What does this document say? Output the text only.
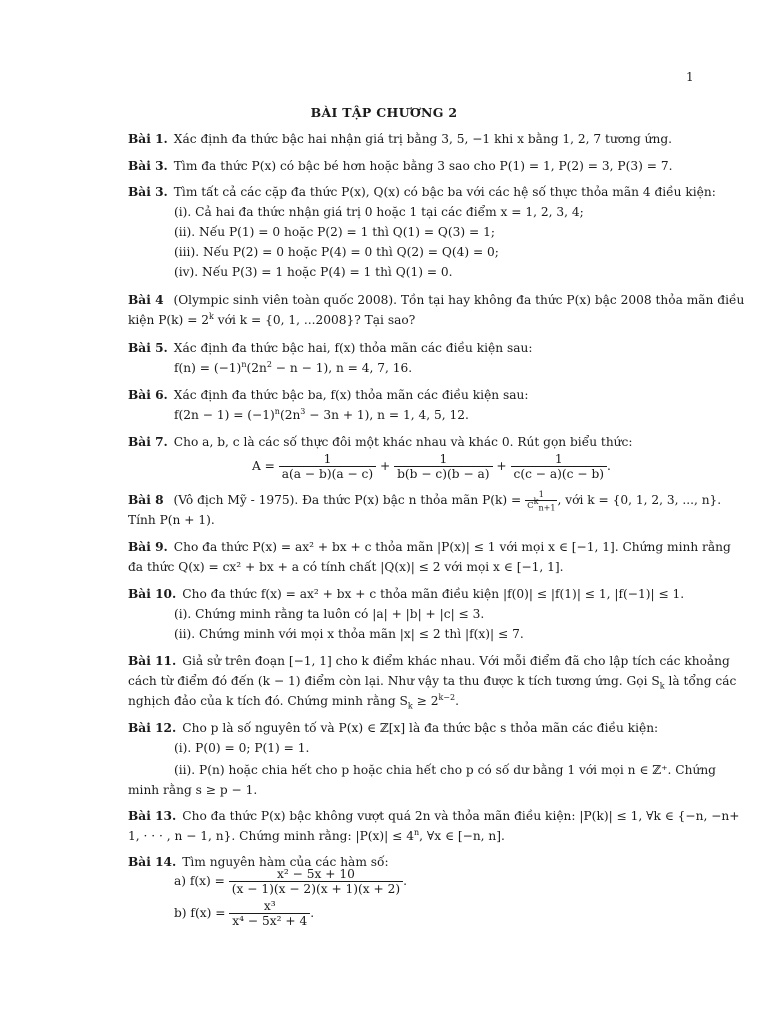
1
BÀI TẬP CHƯƠNG 2
Bài 1. Xác định đa thức bậc hai nhận giá trị bằng 3, 5, −1 khi x bằng 1, 2, 7 tương ứng.
Bài 3. Tìm đa thức P(x) có bậc bé hơn hoặc bằng 3 sao cho P(1) = 1, P(2) = 3, P(3) = 7.
Bài 3. Tìm tất cả các cặp đa thức P(x), Q(x) có bậc ba với các hệ số thực thỏa mãn 4 điều kiện:
(i). Cả hai đa thức nhận giá trị 0 hoặc 1 tại các điểm x = 1, 2, 3, 4;
(ii). Nếu P(1) = 0 hoặc P(2) = 1 thì Q(1) = Q(3) = 1;
(iii). Nếu P(2) = 0 hoặc P(4) = 0 thì Q(2) = Q(4) = 0;
(iv). Nếu P(3) = 1 hoặc P(4) = 1 thì Q(1) = 0.
Bài 4 (Olympic sinh viên toàn quốc 2008). Tồn tại hay không đa thức P(x) bậc 2008 thỏa mãn điều
kiện $P(k) = 2^k$ với k = {0, 1, ...2008}? Tại sao?
Bài 5. Xác định đa thức bậc hai, f(x) thỏa mãn các điều kiện sau:
$f(n) = (-1)^n(2n^2 - n - 1)$, n = 4, 7, 16.
Bài 6. Xác định đa thức bậc ba, f(x) thỏa mãn các điều kiện sau:
$f(2n - 1) = (-1)^n(2n^3 - 3n + 1)$, n = 1, 4, 5, 12.
Bài 7. Cho a, b, c là các số thực đôi một khác nhau và khác 0. Rút gọn biểu thức:
$A = \frac{1}{a(a - b)(a - c)} + \frac{1}{b(b - c)(b - a)} + \frac{1}{c(c - a)(c - b)}$ .
Bài 8 (Vô địch Mỹ - 1975). Đa thức P(x) bậc n thỏa mãn $P(k) = \frac{1}{C^k_{n+1}}$ , với k = {0, 1, 2, 3, ..., n}.
Tính P(n + 1).
Bài 9. Cho đa thức P(x) = ax² + bx + c thỏa mãn |P(x)| ≤ 1 với mọi x ∈ [−1, 1]. Chứng minh rằng
đa thức Q(x) = cx² + bx + a có tính chất |Q(x)| ≤ 2 với mọi x ∈ [−1, 1].
Bài 10. Cho đa thức f(x) = ax² + bx + c thỏa mãn điều kiện |f(0)| ≤ |f(1)| ≤ 1, |f(−1)| ≤ 1.
(i). Chứng minh rằng ta luôn có |a| + |b| + |c| ≤ 3.
(ii). Chứng minh với mọi x thỏa mãn |x| ≤ 2 thì |f(x)| ≤ 7.
Bài 11. Giả sử trên đoạn [−1, 1] cho k điểm khác nhau. Với mỗi điểm đã cho lập tích các khoảng
cách từ điểm đó đến (k − 1) điểm còn lại. Như vậy ta thu được k tích tương ứng. Gọi $S_k$ là tổng các
nghịch đảo của k tích đó. Chứng minh rằng $S_k \ge 2^{k-2}$.
Bài 12. Cho p là số nguyên tố và P(x) ∈ ℤ[x] là đa thức bậc s thỏa mãn các điều kiện:
(i). P(0) = 0; P(1) = 1.
(ii). P(n) hoặc chia hết cho p hoặc chia hết cho p có số dư bằng 1 với mọi n ∈ ℤ⁺. Chứng
minh rằng s ≥ p − 1.
Bài 13. Cho đa thức P(x) bậc không vượt quá 2n và thỏa mãn điều kiện: |P(k)| ≤ 1, ∀k ∈ {−n, −n+
1, · · · , n − 1, n}. Chứng minh rằng: $|P(x)| \le 4^n$, ∀x ∈ [−n, n].
Bài 14. Tìm nguyên hàm của các hàm số:
a) $f(x) = \frac{\text{x² − 5x + 10}}{(x - 1)(x - 2)(x + 1)(x + 2)}$ .
b) $f(x) = \frac{\text{x³}}{\text{x⁴ − 5x² + 4}}$ .
